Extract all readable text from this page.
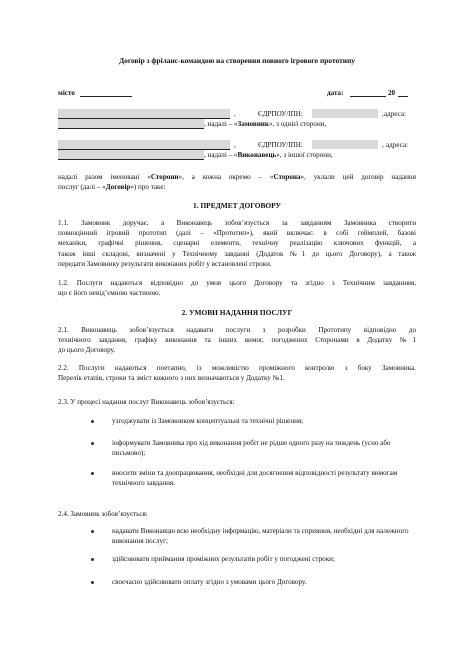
Договір з фріланс-командою на створення повного ігрового прототипу
місто	дата:	20
,	ЄДРПОУ/ІПН:	адреса:
,
, надалі – «Замовник», з однієї сторони,
,	ЄДРПОУ/ІПН:	, адреса:
, надалі – «Виконавець», з іншої сторони,
надалі разом іменовані «Сторони», а кожна окремо – «Сторона», уклали цей договір надання
послуг (далі – «Договір») про таке:
1. ПРЕДМЕТ ДОГОВОРУ
1.1. Замовник доручає, а Виконавець зобов’язується за завданням Замовника створити
повноцінний ігровий прототип (далі – «Прототип»), який включає: в собі геймплей, базові
механіки, графічні рішення, сценарні елементи, технічну реалізацію ключових функцій, а
також інші складові, визначені у Технічному завданні (Додаток №1 до цього Договору), а також
передати Замовнику результати виконаних робіт у встановлені строки.
1.2. Послуги надаються відповідно до умов цього Договору та згідно з Технічним завданням,
що є його невід’ємною частиною.
2. УМОВИ НАДАННЯ ПОСЛУГ
2.1. Виконавець зобов’язується надавати послуги з розробки Прототипу відповідно до
технічного завдання, графіку виконання та інших вимог, погоджених Сторонами в Додатку №1
до цього Договору.
2.2. Послуги надаються поетапно, із можливістю проміжного контролю з боку Замовника.
Перелік етапів, строки та зміст кожного з них визначаються у Додатку №1.
2.3. У процесі надання послуг Виконавець зобов’язується:
узгоджувати із Замовником концептуальні та технічні рішення;
інформувати Замовника про хід виконання робіт не рідше одного разу на тиждень (усно або письмово);
вносити зміни та доопрацювання, необхідні для досягнення відповідності результату вимогам технічного завдання.
2.4. Замовник зобов’язується:
надавати Виконавцю всю необхідну інформацію, матеріали та сприяння, необхідні для належного виконання послуг;
здійснювати приймання проміжних результатів робіт у погоджені строки;
своєчасно здійснювати оплату згідно з умовами цього Договору.
